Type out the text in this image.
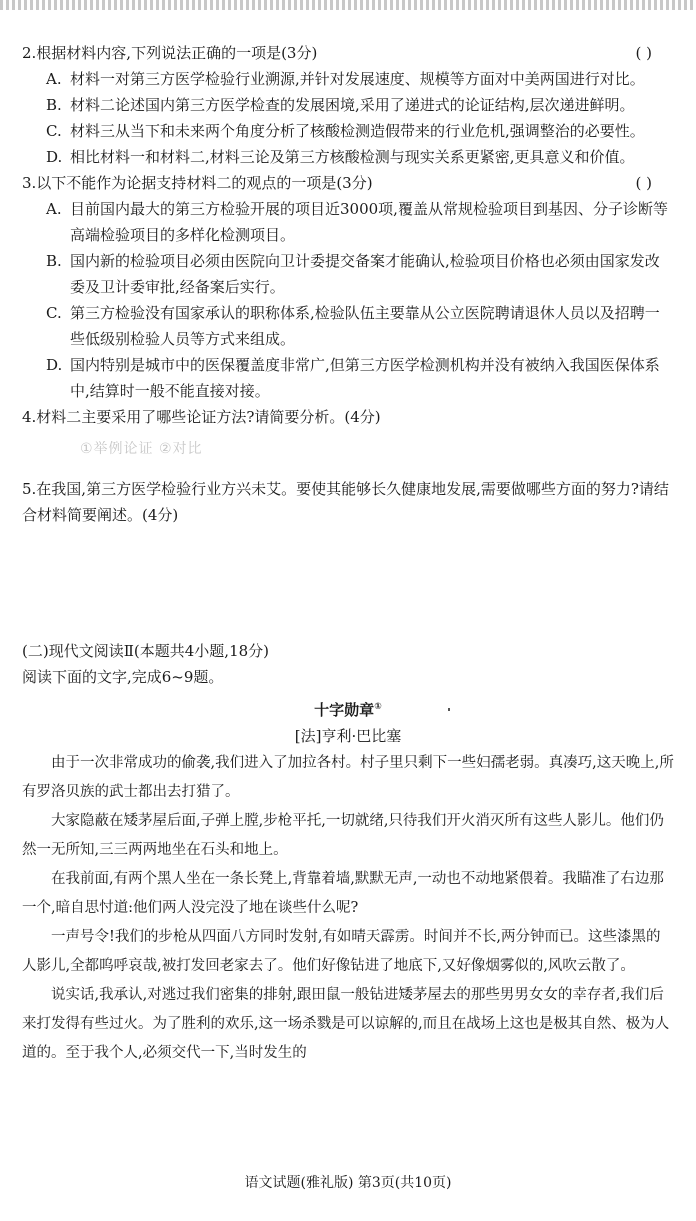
2.根据材料内容,下列说法正确的一项是(3分)	( )
A. 材料一对第三方医学检验行业溯源,并针对发展速度、规模等方面对中美两国进行对比。
B. 材料二论述国内第三方医学检查的发展困境,采用了递进式的论证结构,层次递进鲜明。
C. 材料三从当下和未来两个角度分析了核酸检测造假带来的行业危机,强调整治的必要性。
D. 相比材料一和材料二,材料三论及第三方核酸检测与现实关系更紧密,更具意义和价值。
3.以下不能作为论据支持材料二的观点的一项是(3分)	( )
A. 目前国内最大的第三方检验开展的项目近3000项,覆盖从常规检验项目到基因、分子诊断等高端检验项目的多样化检测项目。
B. 国内新的检验项目必须由医院向卫计委提交备案才能确认,检验项目价格也必须由国家发改委及卫计委审批,经备案后实行。
C. 第三方检验没有国家承认的职称体系,检验队伍主要靠从公立医院聘请退休人员以及招聘一些低级别检验人员等方式来组成。
D. 国内特别是城市中的医保覆盖度非常广,但第三方医学检测机构并没有被纳入我国医保体系中,结算时一般不能直接对接。
4.材料二主要采用了哪些论证方法?请简要分析。(4分)
①举例论证 ②对比
5.在我国,第三方医学检验行业方兴未艾。要使其能够长久健康地发展,需要做哪些方面的努力?请结合材料简要阐述。(4分)
(二)现代文阅读Ⅱ(本题共4小题,18分)
阅读下面的文字,完成6~9题。
十字勋章①
[法]亨利·巴比塞
由于一次非常成功的偷袭,我们进入了加拉各村。村子里只剩下一些妇孺老弱。真凑巧,这天晚上,所有罗洛贝族的武士都出去打猎了。
大家隐蔽在矮茅屋后面,子弹上膛,步枪平托,一切就绪,只待我们开火消灭所有这些人影儿。他们仍然一无所知,三三两两地坐在石头和地上。
在我前面,有两个黑人坐在一条长凳上,背靠着墙,默默无声,一动也不动地紧偎着。我瞄准了右边那一个,暗自思忖道:他们两人没完没了地在谈些什么呢?
一声号令!我们的步枪从四面八方同时发射,有如晴天霹雳。时间并不长,两分钟而已。这些漆黑的人影儿,全都呜呼哀哉,被打发回老家去了。他们好像钻进了地底下,又好像烟雾似的,风吹云散了。
说实话,我承认,对逃过我们密集的排射,跟田鼠一般钻进矮茅屋去的那些男男女女的幸存者,我们后来打发得有些过火。为了胜利的欢乐,这一场杀戮是可以谅解的,而且在战场上这也是极其自然、极为人道的。至于我个人,必须交代一下,当时发生的
语文试题(雅礼版) 第3页(共10页)
